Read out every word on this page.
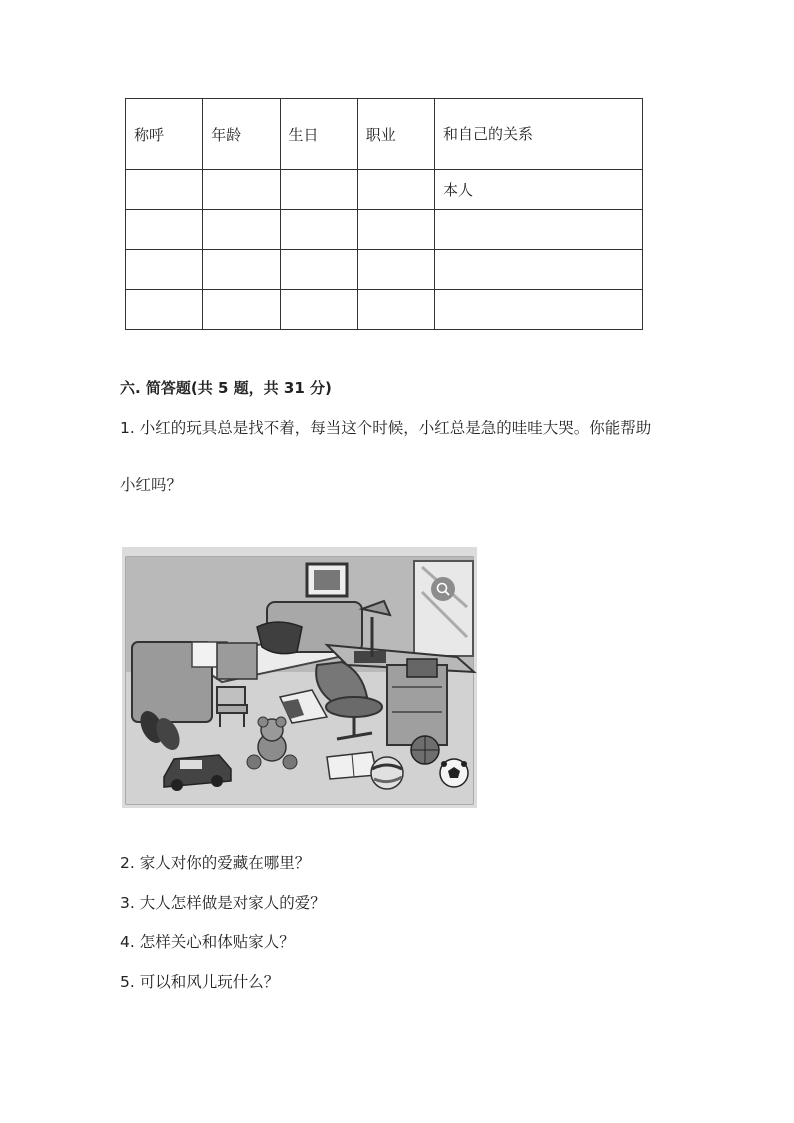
称呼	年龄	生日	职业	和自己的关系

				本人

六. 简答题(共 5 题，共 31 分)
1. 小红的玩具总是找不着，每当这个时候，小红总是急的哇哇大哭。你能帮助
小红吗？
2. 家人对你的爱藏在哪里？
3. 大人怎样做是对家人的爱？
4. 怎样关心和体贴家人？
5. 可以和风儿玩什么？
